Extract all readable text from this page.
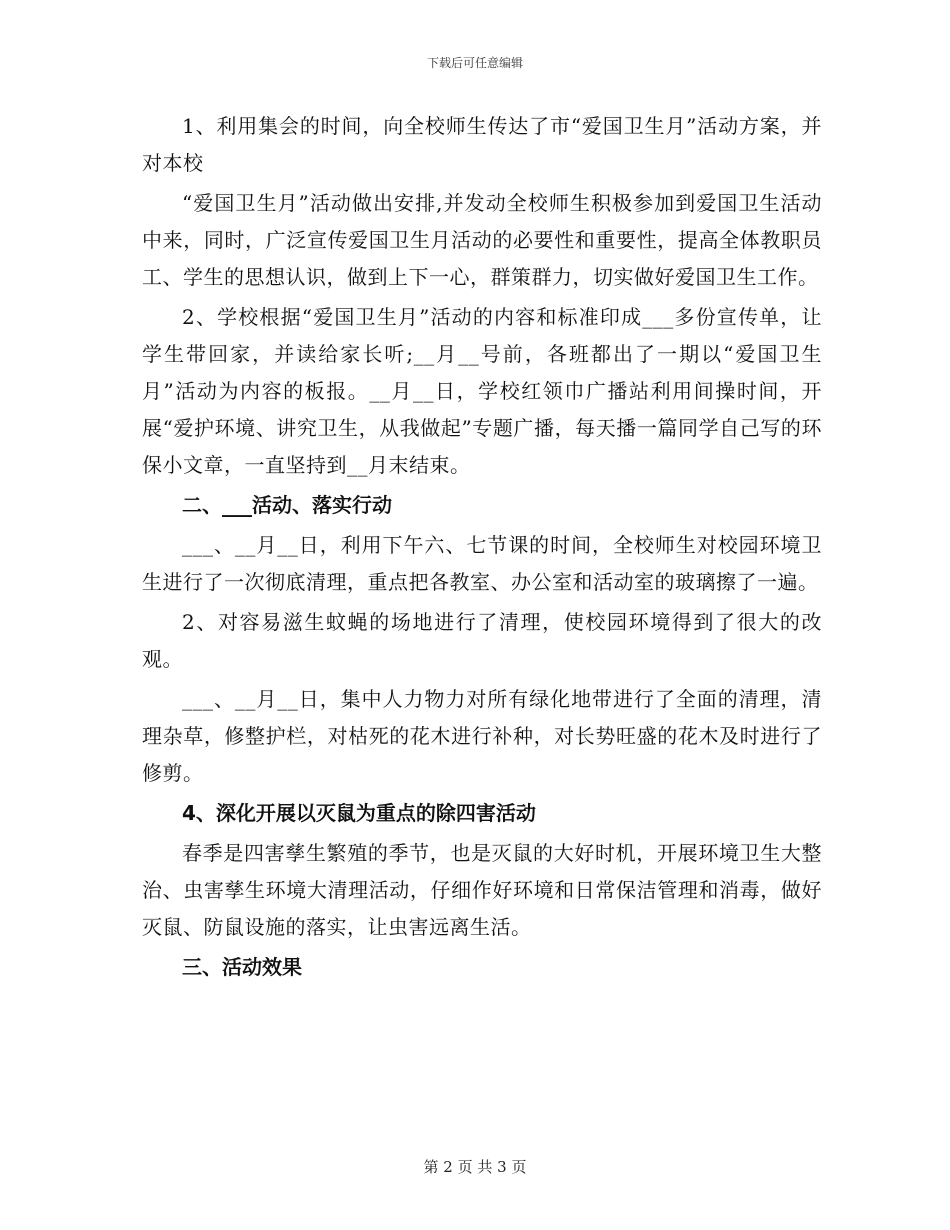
下载后可任意编辑

1、利用集会的时间，向全校师生传达了市“爱国卫生月”活动方案，并对本校

“爱国卫生月”活动做出安排,并发动全校师生积极参加到爱国卫生活动中来，同时，广泛宣传爱国卫生月活动的必要性和重要性，提高全体教职员工、学生的思想认识，做到上下一心，群策群力，切实做好爱国卫生工作。

2、学校根据“爱国卫生月”活动的内容和标准印成___多份宣传单，让学生带回家，并读给家长听;__月__号前，各班都出了一期以“爱国卫生月”活动为内容的板报。__月__日，学校红领巾广播站利用间操时间，开展“爱护环境、讲究卫生，从我做起”专题广播，每天播一篇同学自己写的环保小文章，一直坚持到__月末结束。

二、___活动、落实行动

___、__月__日，利用下午六、七节课的时间，全校师生对校园环境卫生进行了一次彻底清理，重点把各教室、办公室和活动室的玻璃擦了一遍。

2、对容易滋生蚊蝇的场地进行了清理，使校园环境得到了很大的改观。

___、__月__日，集中人力物力对所有绿化地带进行了全面的清理，清理杂草，修整护栏，对枯死的花木进行补种，对长势旺盛的花木及时进行了修剪。

4、深化开展以灭鼠为重点的除四害活动

春季是四害孳生繁殖的季节，也是灭鼠的大好时机，开展环境卫生大整治、虫害孳生环境大清理活动，仔细作好环境和日常保洁管理和消毒，做好灭鼠、防鼠设施的落实，让虫害远离生活。

三、活动效果

第 2 页 共 3 页
